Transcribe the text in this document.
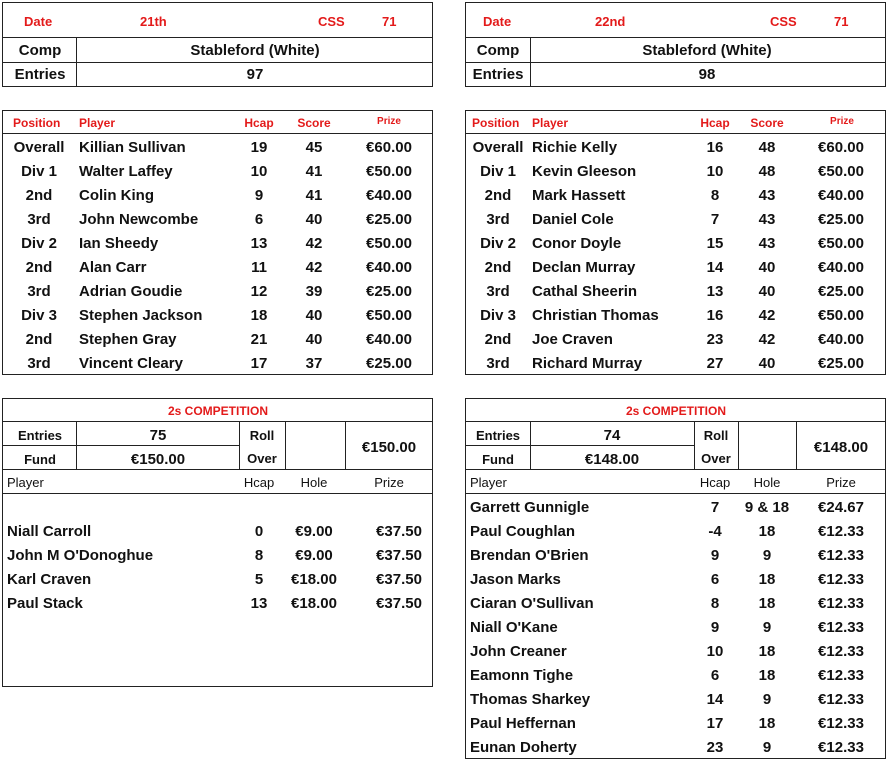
Date	21th	CSS	71
Comp	Stableford (White)
Entries	97
Position Player	Hcap Score	Prize
Overall Killian Sullivan	19	45	€60.00
Div 1 Walter Laffey	10	41	€50.00
2nd Colin King	9	41	€40.00
3rd John Newcombe	6	40	€25.00
Div 2 Ian Sheedy	13	42	€50.00
2nd Alan Carr	11	42	€40.00
3rd Adrian Goudie	12	39	€25.00
Div 3 Stephen Jackson	18	40	€50.00
2nd Stephen Gray	21	40	€40.00
3rd Vincent Cleary	17	37	€25.00
2s COMPETITION
Entries	75
Fund	€150.00
Roll
Over
€150.00
Player	Hcap Hole	Prize
Niall Carroll	0 €9.00	€37.50
John M O'Donoghue	8 €9.00	€37.50
Karl Craven	5 €18.00	€37.50
Paul Stack	13 €18.00	€37.50
Date	22nd	CSS	71
Comp	Stableford (White)
Entries	98
Position Player	Hcap Score	Prize
Overall Richie Kelly	16 48	€60.00
Div 1 Kevin Gleeson	10 48	€50.00
2nd Mark Hassett	8	43	€40.00
3rd Daniel Cole	7	43	€25.00
Div 2 Conor Doyle	15 43	€50.00
2nd Declan Murray	14 40	€40.00
3rd Cathal Sheerin	13 40	€25.00
Div 3 Christian Thomas	16 42	€50.00
2nd Joe Craven	23 42	€40.00
3rd Richard Murray	27 40	€25.00
2s COMPETITION
Entries	74
Fund	€148.00
Roll
Over
€148.00
Player	Hcap Hole	Prize
Garrett Gunnigle	7 9 & 18 €24.67
Paul Coughlan	-4 18	€12.33
Brendan O'Brien	9	9	€12.33
Jason Marks	6	18	€12.33
Ciaran O'Sullivan	8	18	€12.33
Niall O'Kane	9	9	€12.33
John Creaner	10 18	€12.33
Eamonn Tighe	6	18	€12.33
Thomas Sharkey	14	9	€12.33
Paul Heffernan	17 18	€12.33
Eunan Doherty	23	9	€12.33
